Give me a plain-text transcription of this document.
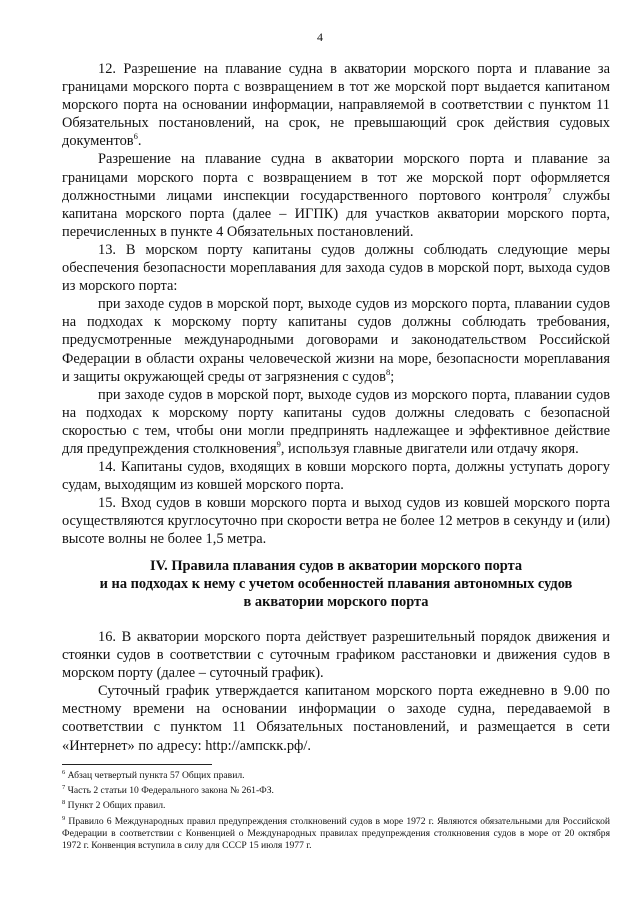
4

12. Разрешение на плавание судна в акватории морского порта и плавание за границами морского порта с возвращением в тот же морской порт выдается капитаном морского порта на основании информации, направляемой в соответствии с пунктом 11 Обязательных постановлений, на срок, не превышающий срок действия судовых документов$^6$.

Разрешение на плавание судна в акватории морского порта и плавание за границами морского порта с возвращением в тот же морской порт оформляется должностными лицами инспекции государственного портового контроля$^7$ службы капитана морского порта (далее – ИГПК) для участков акватории морского порта, перечисленных в пункте 4 Обязательных постановлений.

13. В морском порту капитаны судов должны соблюдать следующие меры обеспечения безопасности мореплавания для захода судов в морской порт, выхода судов из морского порта:

при заходе судов в морской порт, выходе судов из морского порта, плавании судов на подходах к морскому порту капитаны судов должны соблюдать требования, предусмотренные международными договорами и законодательством Российской Федерации в области охраны человеческой жизни на море, безопасности мореплавания и защиты окружающей среды от загрязнения с судов$^8$;

при заходе судов в морской порт, выходе судов из морского порта, плавании судов на подходах к морскому порту капитаны судов должны следовать с безопасной скоростью с тем, чтобы они могли предпринять надлежащее и эффективное действие для предупреждения столкновения$^9$, используя главные двигатели или отдачу якоря.

14. Капитаны судов, входящих в ковши морского порта, должны уступать дорогу судам, выходящим из ковшей морского порта.

15. Вход судов в ковши морского порта и выход судов из ковшей морского порта осуществляются круглосуточно при скорости ветра не более 12 метров в секунду и (или) высоте волны не более 1,5 метра.

IV. Правила плавания судов в акватории морского порта
и на подходах к нему с учетом особенностей плавания автономных судов
в акватории морского порта

16. В акватории морского порта действует разрешительный порядок движения и стоянки судов в соответствии с суточным графиком расстановки и движения судов в морском порту (далее – суточный график).

Суточный график утверждается капитаном морского порта ежедневно в 9.00 по местному времени на основании информации о заходе судна, передаваемой в соответствии с пунктом 11 Обязательных постановлений, и размещается в сети «Интернет» по адресу: http://ампскк.рф/.

$^6$ Абзац четвертый пункта 57 Общих правил.

$^7$ Часть 2 статьи 10 Федерального закона № 261-ФЗ.

$^8$ Пункт 2 Общих правил.

$^9$ Правило 6 Международных правил предупреждения столкновений судов в море 1972 г. Являются обязательными для Российской Федерации в соответствии с Конвенцией о Международных правилах предупреждения столкновения судов в море от 20 октября 1972 г. Конвенция вступила в силу для СССР 15 июля 1977 г.
